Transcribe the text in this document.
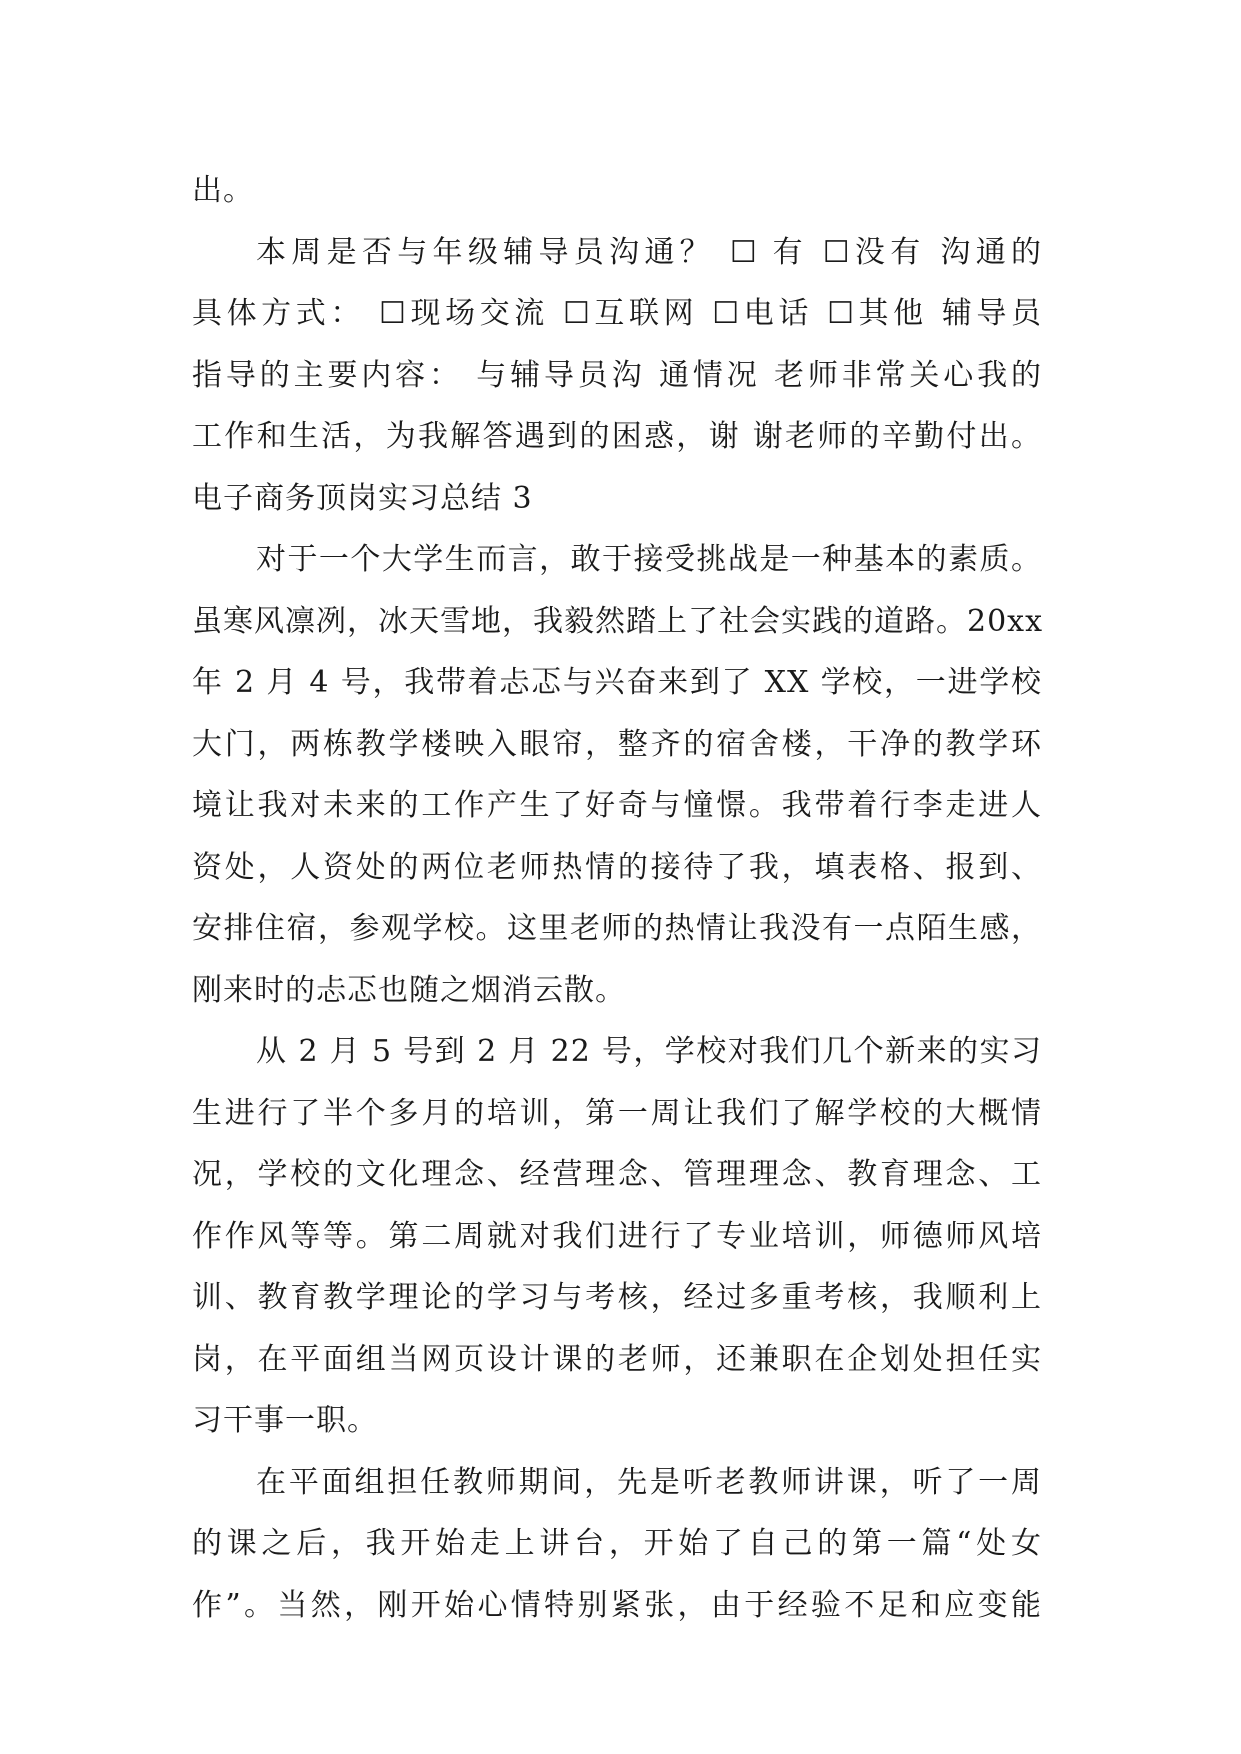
出。
本周是否与年级辅导员沟通？ ☐ 有 ☐没有 沟通的
具体方式： ☐现场交流 ☐互联网 ☐电话 ☐其他 辅导员
指导的主要内容： 与辅导员沟 通情况 老师非常关心我的
工作和生活，为我解答遇到的困惑，谢 谢老师的辛勤付出。
电子商务顶岗实习总结 3
对于一个大学生而言，敢于接受挑战是一种基本的素质。
虽寒风凛冽，冰天雪地，我毅然踏上了社会实践的道路。20xx
年 2 月 4 号，我带着忐忑与兴奋来到了 XX 学校，一进学校
大门，两栋教学楼映入眼帘，整齐的宿舍楼，干净的教学环
境让我对未来的工作产生了好奇与憧憬。我带着行李走进人
资处，人资处的两位老师热情的接待了我，填表格、报到、
安排住宿，参观学校。这里老师的热情让我没有一点陌生感，
刚来时的忐忑也随之烟消云散。
从 2 月 5 号到 2 月 22 号，学校对我们几个新来的实习
生进行了半个多月的培训，第一周让我们了解学校的大概情
况，学校的文化理念、经营理念、管理理念、教育理念、工
作作风等等。第二周就对我们进行了专业培训，师德师风培
训、教育教学理论的学习与考核，经过多重考核，我顺利上
岗，在平面组当网页设计课的老师，还兼职在企划处担任实
习干事一职。
在平面组担任教师期间，先是听老教师讲课，听了一周
的课之后，我开始走上讲台，开始了自己的第一篇“处女
作”。当然，刚开始心情特别紧张，由于经验不足和应变能
